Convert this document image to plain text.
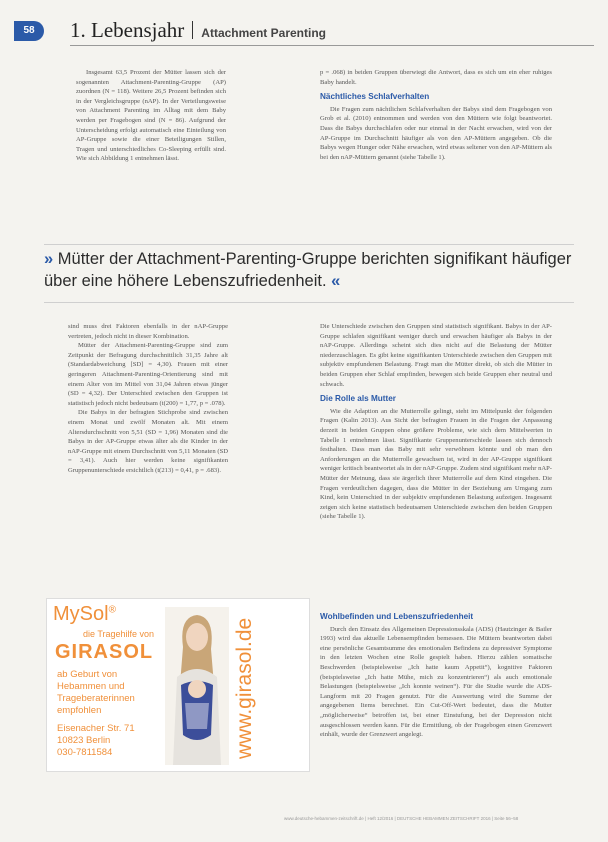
58	1. Lebensjahr Attachment Parenting

Insgesamt 63,5 Prozent der Mütter lassen sich der sogenannten Attachment-Parenting-Gruppe (AP) zuordnen (N = 118). Weitere 26,5 Prozent befinden sich in der Vergleichsgruppe (nAP). In der Verteilungsweise von Attachment Parenting im Alltag mit dem Baby werden per Fragebogen sind (N = 86). Aufgrund der Unterscheidung erfolgt automatisch eine Einteilung von AP-Gruppe sowie die einer Beteiligungen Stillen, Tragen und unterschiedliches Co-Sleeping erfüllt sind. Wie sich Abbildung 1 entnehmen lässt.

p = .068) in beiden Gruppen überwiegt die Antwort, dass es sich um ein eher ruhiges Baby handelt.

Nächtliches Schlafverhalten

Die Fragen zum nächtlichen Schlafverhalten der Babys sind dem Fragebogen von Grob et al. (2010) entnommen und werden von den Müttern wie folgt beantwortet. Dass die Babys durchschlafen oder nur einmal in der Nacht erwachen, wird von der AP-Gruppe im Durchschnitt häufiger als von den AP-Müttern angegeben. Ob die Babys wegen Hunger oder Nähe erwachen, wird etwas seltener von den AP-Müttern als bei den nAP-Müttern genannt (siehe Tabelle 1).

» Mütter der Attachment-Parenting-Gruppe berichten signifikant häufiger über eine höhere Lebenszufriedenheit. «

sind muss drei Faktoren ebenfalls in der nAP-Gruppe vertreten, jedoch nicht in dieser Kombination.

Mütter der Attachment-Parenting-Gruppe sind zum Zeitpunkt der Befragung durchschnittlich 31,35 Jahre alt (Standardabweichung [SD] = 4,30). Frauen mit einer geringeren Attachment-Parenting-Orientierung sind mit einem Alter von im Mittel von 31,04 Jahren etwas jünger (SD = 4,32). Der Unterschied zwischen den Gruppen ist statistisch jedoch nicht bedeutsam (t(200) = 1,77, p = .078).

Die Babys in der befragten Stichprobe sind zwischen einem Monat und zwölf Monaten alt. Mit einem Altersdurchschnitt von 5,51 (SD = 1,96) Monaten sind die Babys in der AP-Gruppe etwas älter als die Kinder in der nAP-Gruppe mit einem Durchschnitt von 5,11 Monaten (SD = 3,41). Auch hier werden keine signifikanten Gruppenunterschiede ersichtlich (t(213) = 0,41, p = .683).

Die Unterschiede zwischen den Gruppen sind statistisch signifikant. Babys in der AP-Gruppe schlafen signifikant weniger durch und erwachen häufiger als Babys in der nAP-Gruppe. Allerdings scheint sich dies nicht auf die Belastung der Mütter niederzuschlagen. Es gibt keine signifikanten Unterschiede zwischen den Gruppen mit subjektiv empfundenen Belastung. Fragt man die Mütter direkt, ob sich die Mütter in beiden Gruppen eher Schlaf empfinden, bewegen sich beide Gruppen eher neutral und schwach.

Die Rolle als Mutter

Wie die Adaption an die Mutterrolle gelingt, steht im Mittelpunkt der folgenden Fragen (Kalin 2013). Aus Sicht der befragten Frauen in die Fragen der Anpassung derzeit in beiden Gruppen ohne größere Probleme, wie sich dem Mittelwerten in Tabelle 1 entnehmen lässt. Signifikante Gruppenunterschiede lassen sich dennoch festhalten. Dass man das Baby mit sehr verwöhnen könnte und ob man den Anforderungen an die Mutterrolle gewachsen ist, wird in der AP-Gruppe signifikant weniger kritisch beantwortet als in der nAP-Gruppe. Zudem sind signifikant mehr nAP-Mütter der Meinung, dass sie ärgerlich ihrer Mutterrolle auf dem Kind eingehen. Die Fragen verdeutlichen dagegen, dass die Mütter in der Beziehung am Umgang zum Kind, kein Unterschied in der subjektiv empfundenen Belastung aufzeigen. Insgesamt zeigen sich keine statistisch bedeutsamen Unterschiede zwischen den beiden Gruppen (siehe Tabelle 1).

Wohlbefinden und Lebenszufriedenheit

Durch den Einsatz des Allgemeinen Depressionsskala (ADS) (Hautzinger & Bailer 1993) wird das aktuelle Lebensempfinden bemessen. Die Müttern beantworten dabei eine persönliche Gesamtsumme des emotionalen Befindens zu depressiver Symptome in den letzten Wochen eine Rolle gespielt haben. Hierzu zählen somatische Beschwerden (beispielsweise „Ich hatte kaum Appetit“), kognitive Faktoren (beispielsweise „Ich hatte Mühe, mich zu konzentrieren“) als auch emotionale Belastungen (beispielsweise „Ich konnte weinen“). Für die Studie wurde die ADS-Langform mit 20 Fragen genutzt. Für die Auswertung wird die Summe der angegebenen Items berechnet. Ein Cut-Off-Wert bedeutet, dass die Mutter „möglicherweise“ betroffen ist, bei einer Einstufung, bei der Depression nicht ausgeschlossen werden kann. Für die Ermittlung, ob der Fragebogen einen Grenzwert einhält, wurde der Grenzwert angelegt.

MySol®
die Tragehilfe von
GIRASOL
ab Geburt von Hebammen und Trageberaterinnen empfohlen
Eisenacher Str. 71
10823 Berlin
030-7811584	www.girasol.de
www.deutsche-hebammen-zeitschrift.de | Heft 12/2016 | DEUTSCHE HEBAMMEN ZEITSCHRIFT 2016 | Seite 56–58
